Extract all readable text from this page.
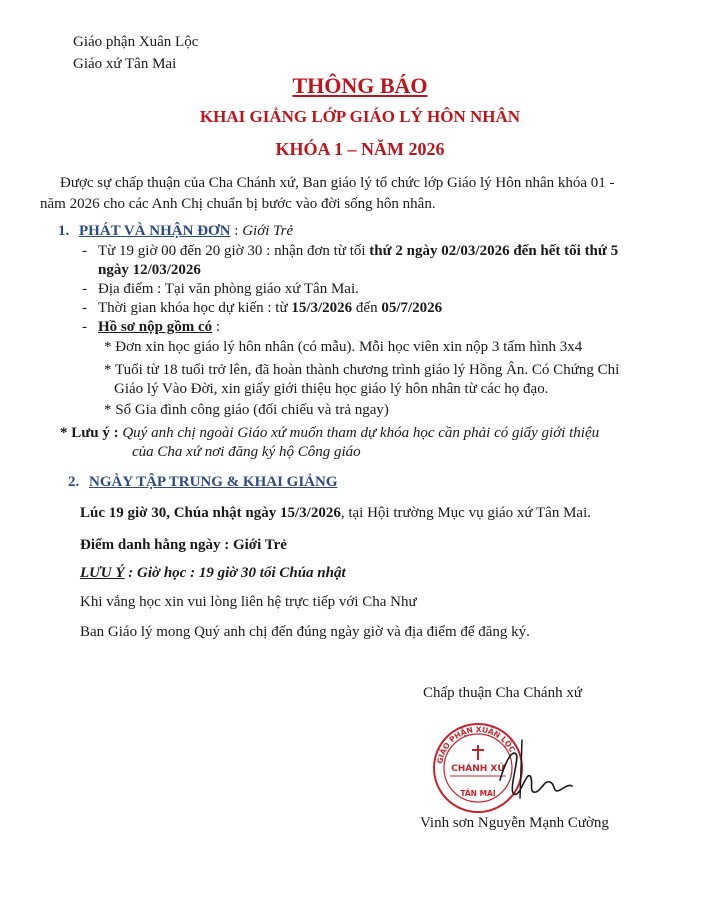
Giáo phận Xuân Lộc
Giáo xứ Tân Mai
THÔNG BÁO
KHAI GIẢNG LỚP GIÁO LÝ HÔN NHÂN
KHÓA 1 – NĂM 2026
Được sự chấp thuận của Cha Chánh xứ, Ban giáo lý tổ chức lớp Giáo lý Hôn nhân khóa 01 -
năm 2026 cho các Anh Chị chuẩn bị bước vào đời sống hôn nhân.
1. PHÁT VÀ NHẬN ĐƠN : Giới Trẻ
- Từ 19 giờ 00 đến 20 giờ 30 : nhận đơn từ tối thứ 2 ngày 02/03/2026 đến hết tối thứ 5
ngày 12/03/2026
- Địa điểm : Tại văn phòng giáo xứ Tân Mai.
- Thời gian khóa học dự kiến : từ 15/3/2026 đến 05/7/2026
- Hồ sơ nộp gồm có :
* Đơn xin học giáo lý hôn nhân (có mẫu). Mỗi học viên xin nộp 3 tấm hình 3x4
* Tuổi từ 18 tuổi trở lên, đã hoàn thành chương trình giáo lý Hồng Ân. Có Chứng Chỉ
Giáo lý Vào Đời, xin giấy giới thiệu học giáo lý hôn nhân từ các họ đạo.
* Sổ Gia đình công giáo (đối chiếu và trả ngay)
* Lưu ý : Quý anh chị ngoài Giáo xứ muốn tham dự khóa học cần phải có giấy giới thiệu
của Cha xứ nơi đăng ký hộ Công giáo
2. NGÀY TẬP TRUNG & KHAI GIẢNG
Lúc 19 giờ 30, Chúa nhật ngày 15/3/2026, tại Hội trường Mục vụ giáo xứ Tân Mai.
Điểm danh hằng ngày : Giới Trẻ
LƯU Ý : Giờ học : 19 giờ 30 tối Chúa nhật
Khi vắng học xin vui lòng liên hệ trực tiếp với Cha Như
Ban Giáo lý mong Quý anh chị đến đúng ngày giờ và địa điểm để đăng ký.
Chấp thuận Cha Chánh xứ
GIÁO PHẬN XUÂN LỘC
CHÁNH XỨ
TÂN MAI
Vinh sơn Nguyễn Mạnh Cường
